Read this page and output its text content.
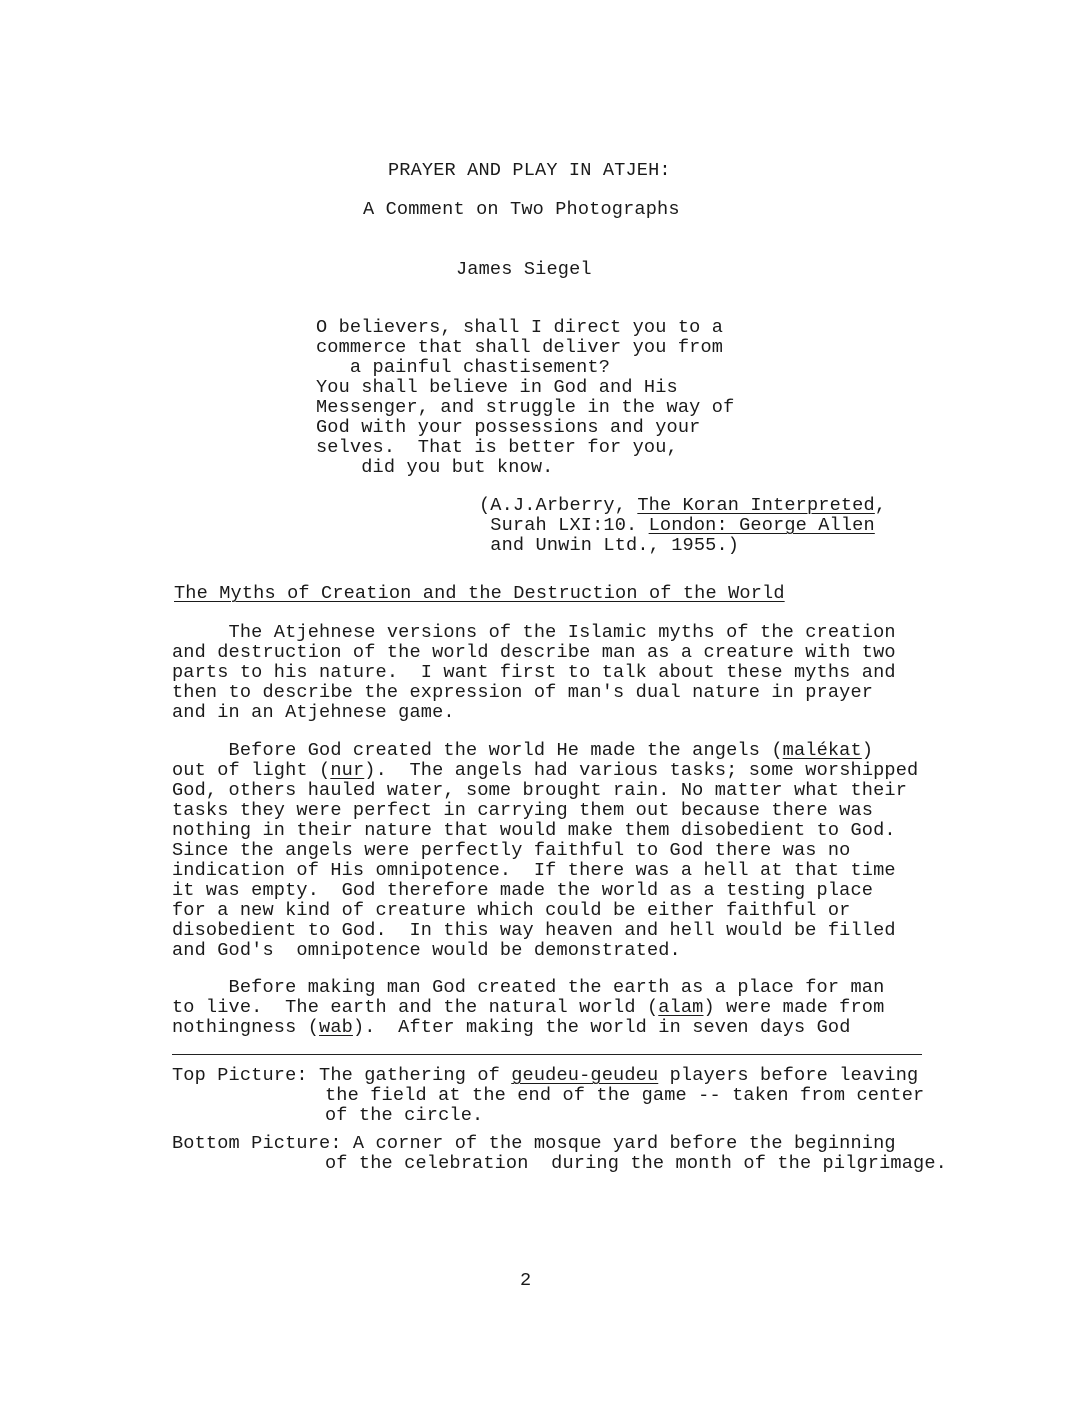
PRAYER AND PLAY IN ATJEH:
A Comment on Two Photographs
James Siegel
O believers, shall I direct you to a
commerce that shall deliver you from
a painful chastisement?
You shall believe in God and His
Messenger, and struggle in the way of
God with your possessions and your
selves.  That is better for you,
did you but know.
(A.J.Arberry, The Koran Interpreted,
Surah LXI:10. London: George Allen
and Unwin Ltd., 1955.)
The Myths of Creation and the Destruction of the World
The Atjehnese versions of the Islamic myths of the creation
and destruction of the world describe man as a creature with two
parts to his nature.  I want first to talk about these myths and
then to describe the expression of man's dual nature in prayer
and in an Atjehnese game.
Before God created the world He made the angels (malékat)
out of light (nur).  The angels had various tasks; some worshipped
God, others hauled water, some brought rain. No matter what their
tasks they were perfect in carrying them out because there was
nothing in their nature that would make them disobedient to God.
Since the angels were perfectly faithful to God there was no
indication of His omnipotence.  If there was a hell at that time
it was empty.  God therefore made the world as a testing place
for a new kind of creature which could be either faithful or
disobedient to God.  In this way heaven and hell would be filled
and God's  omnipotence would be demonstrated.
Before making man God created the earth as a place for man
to live.  The earth and the natural world (alam) were made from
nothingness (wab).  After making the world in seven days God
Top Picture: The gathering of geudeu-geudeu players before leaving
the field at the end of the game -- taken from center
of the circle.
Bottom Picture: A corner of the mosque yard before the beginning
of the celebration  during the month of the pilgrimage.
2
